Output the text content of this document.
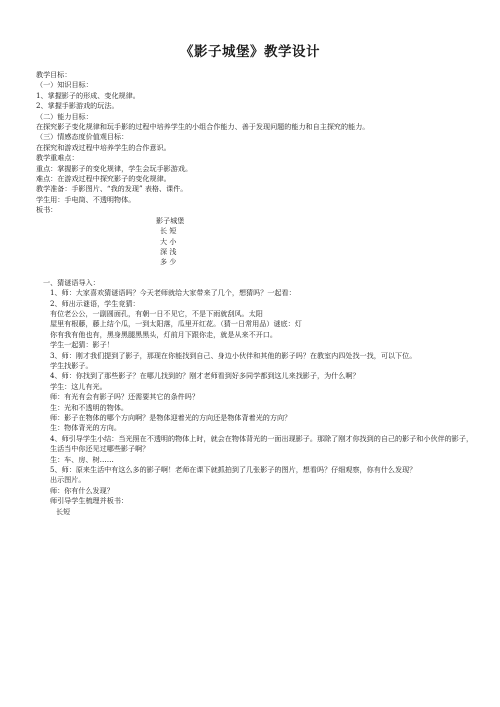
《影子城堡》教学设计
教学目标：
（一）知识目标：
1、掌握影子的形成、变化规律。
2、掌握手影游戏的玩法。
（二）能力目标：
在探究影子变化规律和玩手影的过程中培养学生的小组合作能力、善于发现问题的能力和自主探究的能力。
（三）情感态度价值观目标：
在探究和游戏过程中培养学生的合作意识。
教学重难点：
重点：掌握影子的变化规律，学生会玩手影游戏。
难点：在游戏过程中探究影子的变化规律。
教学准备：手影图片、“我的发现” 表格、课件。
学生用：手电筒、不透明物体。
板书：
影子城堡
长 短
大 小
深 浅
多 少
一、猜谜语导入：
1、师：大家喜欢猜谜语吗？今天老师就给大家带来了几个，想猜吗？一起看：
2、师出示谜语，学生竞猜：
有位老公公，一副圆面孔，有朝一日不见它，不是下雨就刮风。太阳
屋里有根藤，藤上结个瓜，一到太阳落，瓜里开红花。（猜一日常用品）谜底：灯
你有我有他也有，黑身黑腿黑黑头，灯前月下跟你走，就是从来不开口。
学生一起猜：影子！
3、师：刚才我们提到了影子，那现在你能找到自己、身边小伙伴和其他的影子吗？在教室内四处找一找，可以下位。
学生找影子。
4、师：你找到了那些影子？在哪儿找到的？刚才老师看到好多同学都到这儿来找影子，为什么啊？
学生：这儿有光。
师：有光有会有影子吗？还需要其它的条件吗？
生：光和不透明的物体。
师：影子在物体的哪个方向啊？是物体迎着光的方向还是物体背着光的方向？
生：物体背光的方向。
4、师引导学生小结：当光照在不透明的物体上时，就会在物体背光的一面出现影子。那除了刚才你找到的自己的影子和小伙伴的影子，生活当中你还见过哪些影子啊？
生：车、房、树……
5、师：原来生活中有这么多的影子啊！老师在课下就抓拍到了几张影子的图片，想看吗？仔细观察，你有什么发现？
出示图片。
师：你有什么发现？
师引导学生梳理并板书：
长短
